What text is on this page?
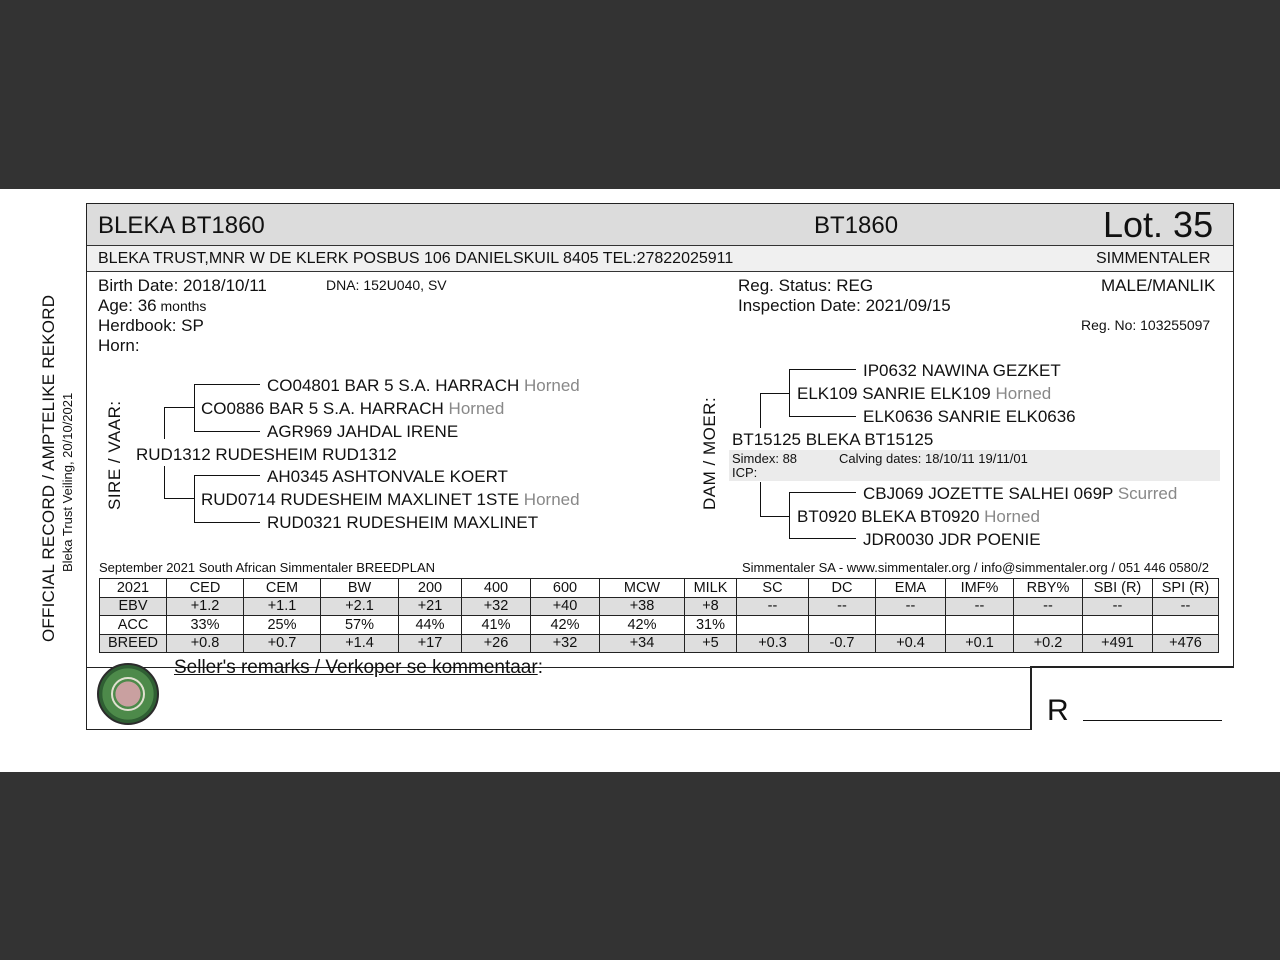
OFFICIAL RECORD / AMPTELIKE REKORD Bleka Trust Veiling, 20/10/2021
BLEKA BT1860	BT1860	Lot. 35
BLEKA TRUST,MNR W DE KLERK POSBUS 106 DANIELSKUIL 8405 TEL:27822025911	SIMMENTALER
Birth Date: 2018/10/11	DNA: 152U040, SV
Age: 36 months
Herdbook: SP
Horn:
Reg. Status: REG
Inspection Date: 2021/09/15
MALE/MANLIK
Reg. No: 103255097
SIRE / VAAR:
CO04801 BAR 5 S.A. HARRACH Horned
CO0886 BAR 5 S.A. HARRACH Horned
AGR969 JAHDAL IRENE
RUD1312 RUDESHEIM RUD1312
AH0345 ASHTONVALE KOERT
RUD0714 RUDESHEIM MAXLINET 1STE Horned
RUD0321 RUDESHEIM MAXLINET
DAM / MOER:
IP0632 NAWINA GEZKET
ELK109 SANRIE ELK109 Horned
ELK0636 SANRIE ELK0636
BT15125 BLEKA BT15125
Simdex: 88	Calving dates: 18/10/11 19/11/01
ICP:
CBJ069 JOZETTE SALHEI 069P Scurred
BT0920 BLEKA BT0920 Horned
JDR0030 JDR POENIE
September 2021 South African Simmentaler BREEDPLAN	Simmentaler SA - www.simmentaler.org / info@simmentaler.org / 051 446 0580/2
2021	CED	CEM	BW	200	400	600	MCW	MILK	SC	DC	EMA	IMF%	RBY%	SBI (R)	SPI (R)
EBV	+1.2	+1.1	+2.1	+21	+32	+40	+38	+8	--	--	--	--	--	--	--
ACC	33%	25%	57%	44%	41%	42%	42%	31%							
BREED	+0.8	+0.7	+1.4	+17	+26	+32	+34	+5	+0.3	-0.7	+0.4	+0.1	+0.2	+491	+476
Seller's remarks / Verkoper se kommentaar:
R
